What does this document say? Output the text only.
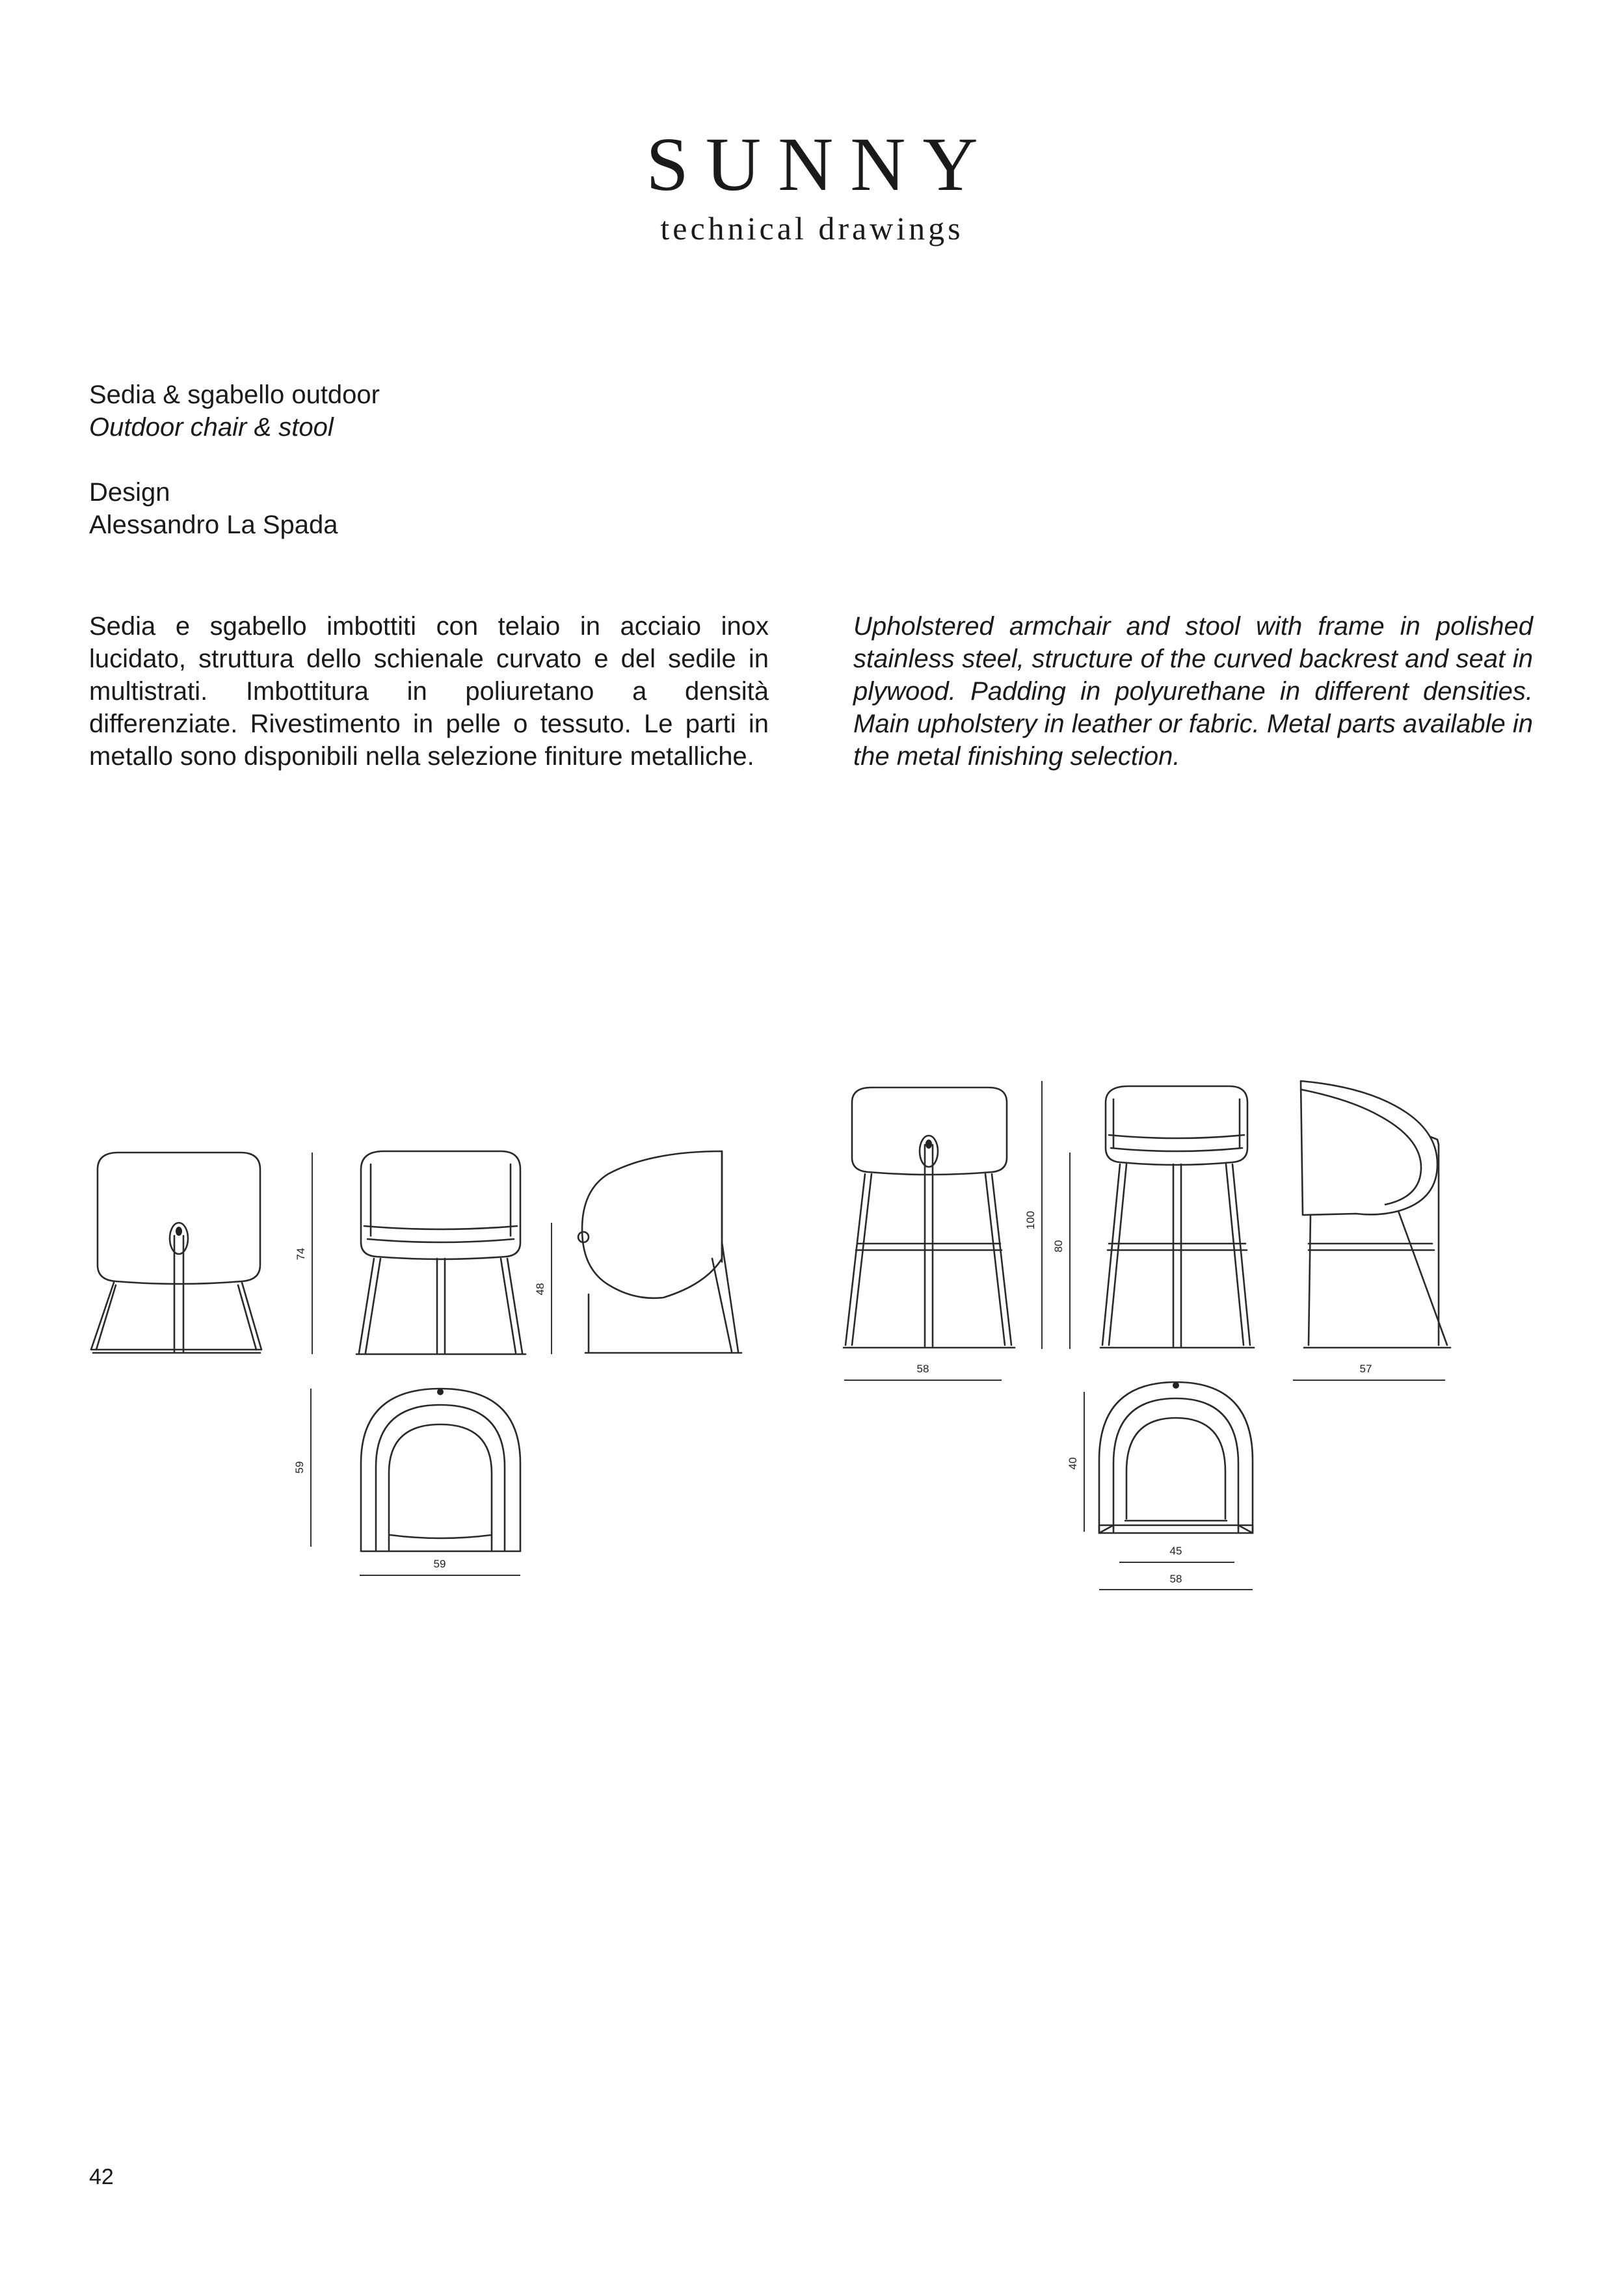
SUNNY
technical drawings
Sedia & sgabello outdoor
Outdoor chair & stool
Design
Alessandro La Spada
Sedia e sgabello imbottiti con telaio in acciaio inox lucidato, struttura dello schienale curvato e del sedile in multistrati. Imbottitura in poliuretano a densità differenziate. Rivestimento in pelle o tessuto. Le parti in metallo sono disponibili nella selezione finiture metalliche.
Upholstered armchair and stool with frame in polished stainless steel, structure of the curved backrest and seat in plywood. Padding in polyurethane in different densities. Main upholstery in leather or fabric. Metal parts available in the metal finishing selection.
74
48
59
59
58
100
80
57
40
45
58
42
